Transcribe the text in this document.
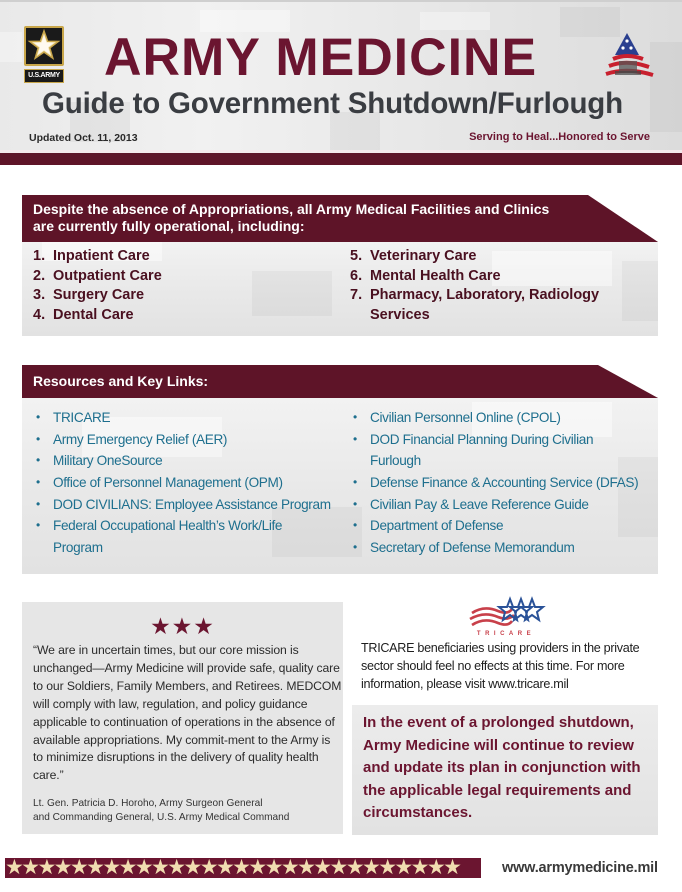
U.S.ARMY ARMY MEDICINE
Guide to Government Shutdown/Furlough
Updated Oct. 11, 2013	Serving to Heal...Honored to Serve
1. Inpatient Care
2. Outpatient Care
3. Surgery Care
4. Dental Care
5. Veterinary Care
6. Mental Health Care
7. Pharmacy, Laboratory, Radiology
Services
Despite the absence of Appropriations, all Army Medical Facilities and Clinics
are currently fully operational, including:
• TRICARE
• Army Emergency Relief (AER)
• Military OneSource
• Office of Personnel Management (OPM)
• DOD CIVILIANS: Employee Assistance Program
• Federal Occupational Health’s Work/Life
Program
• Civilian Personnel Online (CPOL)
• DOD Financial Planning During Civilian
Furlough
• Defense Finance & Accounting Service (DFAS)
• Civilian Pay & Leave Reference Guide
• Department of Defense
• Secretary of Defense Memorandum
Resources and Key Links:
★★★
“We are in uncertain times, but our core mission is unchanged—Army Medicine will provide safe, quality care to our Soldiers, Family Members, and Retirees. MEDCOM will comply with law, regulation, and policy guidance applicable to continuation of operations in the absence of available appropriations. My commit-ment to the Army is to minimize disruptions in the delivery of quality health care.”
Lt. Gen. Patricia D. Horoho, Army Surgeon General
and Commanding General, U.S. Army Medical Command
TRICARE
TRICARE beneficiaries using providers in the private sector should feel no effects at this time. For more information, please visit www.tricare.mil
In the event of a prolonged shutdown, Army Medicine will continue to review and update its plan in conjunction with the applicable legal requirements and circumstances.
★★★★★★★★★★★★★★★★★★★★★★★★★★★★	www.armymedicine.mil
